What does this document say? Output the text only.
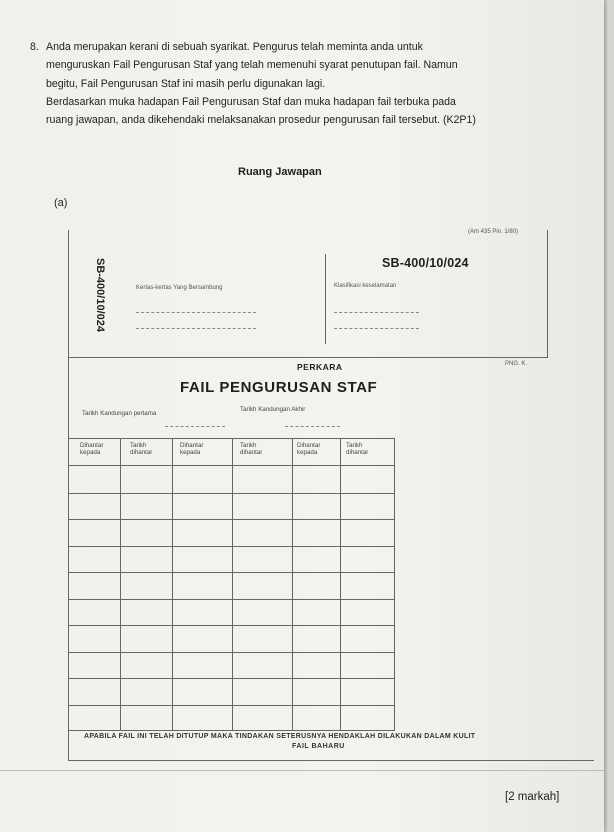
8. Anda merupakan kerani di sebuah syarikat. Pengurus telah meminta anda untuk

menguruskan Fail Pengurusan Staf yang telah memenuhi syarat penutupan fail. Namun

begitu, Fail Pengurusan Staf ini masih perlu digunakan lagi.

Berdasarkan muka hadapan Fail Pengurusan Staf dan muka hadapan fail terbuka pada

ruang jawapan, anda dikehendaki melaksanakan prosedur pengurusan fail tersebut. (K2P1)

Ruang Jawapan
(a)
(Am 435 Pin. 1/80)
SB-400/10/024
SB-400/10/024	Kertas-kertas Yang Bersambung	Klasifikasi keselamatan
PNG. K.
PERKARA
FAIL PENGURUSAN STAF
Tarikh Kandungan pertama
Tarikh Kandungan Akhir
Dihantar kepada
Tarikh dihantar
Dihantar kepada
Tarikh dihantar
Dihantar kepada
Tarikh dihantar
APABILA FAIL INI TELAH DITUTUP MAKA TINDAKAN SETERUSNYA HENDAKLAH DILAKUKAN DALAM KULIT
FAIL BAHARU
[2 markah]
